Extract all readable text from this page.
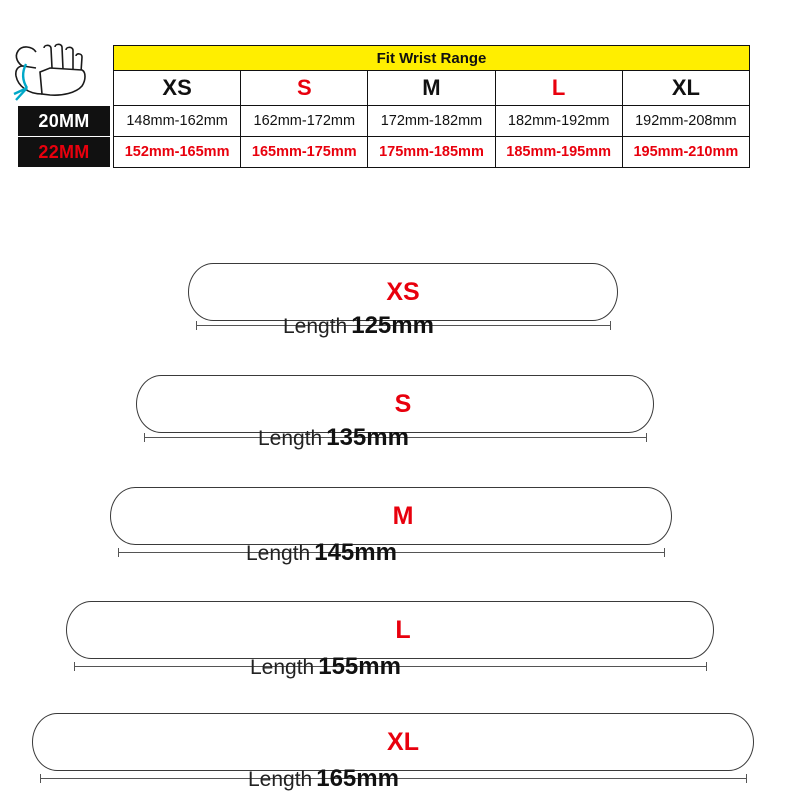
	Fit Wrist Range				
	XS	S	M	L	XL

20MM	148mm-162mm	162mm-172mm	172mm-182mm	182mm-192mm	192mm-208mm

22MM	152mm-165mm	165mm-175mm	175mm-185mm	185mm-195mm	195mm-210mm
XS
Length 125mm
S
Length 135mm
M
Length 145mm
L
Length 155mm
XL
Length 165mm
